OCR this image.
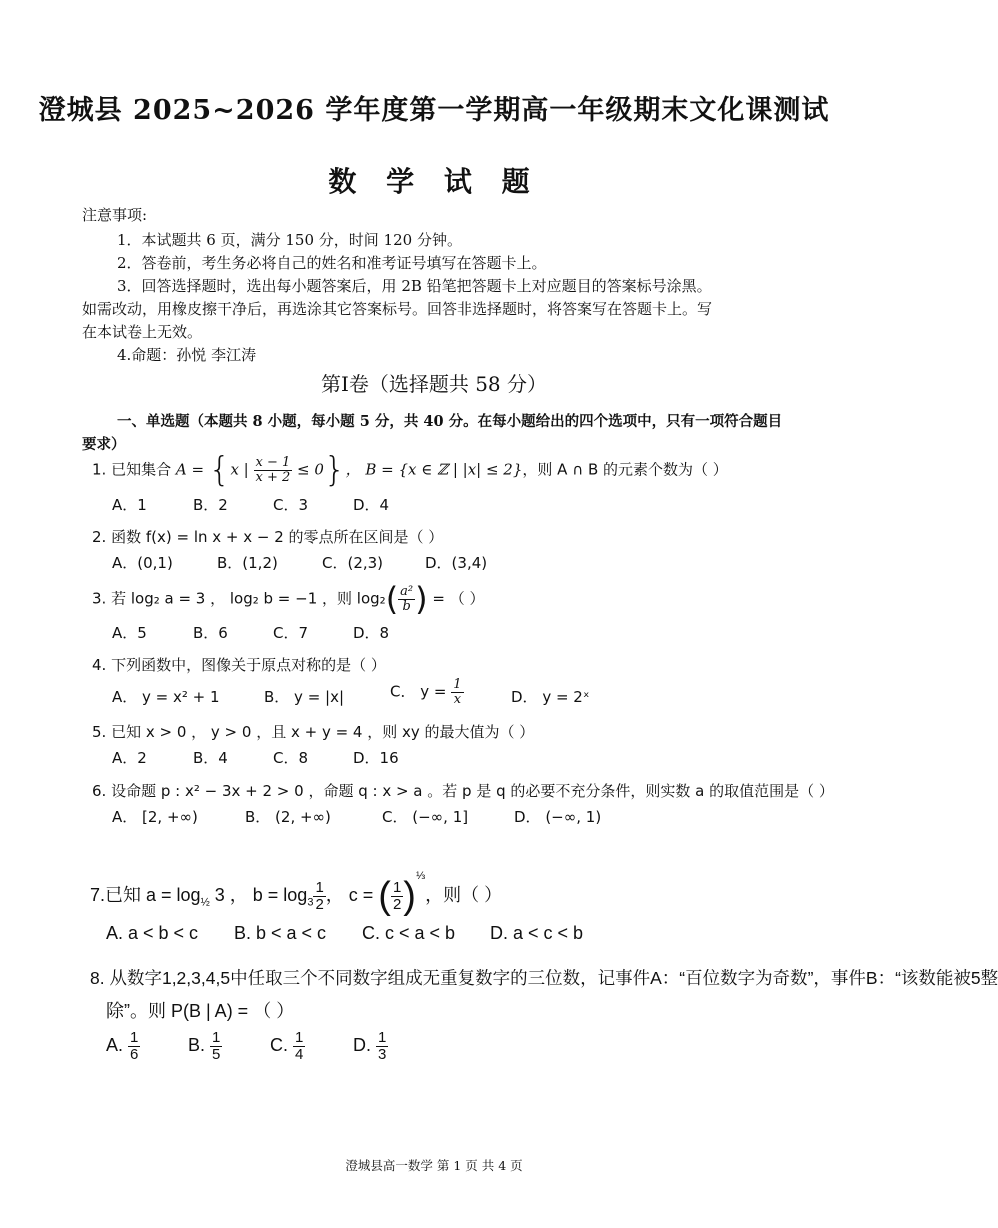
澄城县 2025~2026 学年度第一学期高一年级期末文化课测试
数 学 试 题
注意事项:
1．本试题共 6 页，满分 150 分，时间 120 分钟。
2．答卷前，考生务必将自己的姓名和准考证号填写在答题卡上。
3．回答选择题时，选出每小题答案后，用 2B 铅笔把答题卡上对应题目的答案标号涂黑。
如需改动，用橡皮擦干净后，再选涂其它答案标号。回答非选择题时，将答案写在答题卡上。写
在本试卷上无效。
4.命题：孙悦 李江涛
第Ⅰ卷（选择题共 58 分）
一、单选题（本题共 8 小题，每小题 5 分，共 40 分。在每小题给出的四个选项中，只有一项符合题目
要求）
1. 已知集合 A = {x | $\frac{x - 1}{x + 2} \le 0$}， B = {x ∈ ℤ | |x| ≤ 2}，则 A ∩ B 的元素个数为（ ）
A．1	B．2	C．3	D．4
2. 函数 f(x) = ln x + x − 2 的零点所在区间是（ ）
A．(0,1)	B．(1,2)	C．(2,3)	D．(3,4)
3. 若 log₂ a = 3 ， log₂ b = −1 ，则 $\log_2( \frac{\text{a²}}{b}$ ) = （ ）
A．5	B．6	C．7	D．8
4. 下列函数中，图像关于原点对称的是（ ）
A． y = x² + 1	B． y = |x|	C． $y = \frac{1}{x}$	D． y = 2ˣ
5. 已知 x > 0 ， y > 0 ，且 x + y = 4 ，则 xy 的最大值为（ ）
A．2	B．4	C．8	D．16
6. 设命题 p : x² − 3x + 2 > 0 ，命题 q : x > a 。若 p 是 q 的必要不充分条件，则实数 a 的取值范围是（ ）
A． [2, +∞)	B． (2, +∞)	C． (−∞, 1]	D． (−∞, 1)
7.已知 $a = \log_{\frac{1}{2}} 3$ ， $b = \log_3 \frac{1}{2}$ ， c = ( $\frac{1}{2} )^{\frac{1}{3}}$，则（ ）
A. a < b < c B. b < a < c C. c < a < b D. a < c < b
8. 从数字1,2,3,4,5中任取三个不同数字组成无重复数字的三位数，记事件A：“百位数字为奇数”，事件B：“该数能被5整
除”。则 P(B | A) = （ ）
A. $\frac{1}{6}$	B. $\frac{1}{5}$	C. $\frac{1}{4}$	D. $\frac{1}{3}$
澄城县高一数学 第 1 页 共 4 页
